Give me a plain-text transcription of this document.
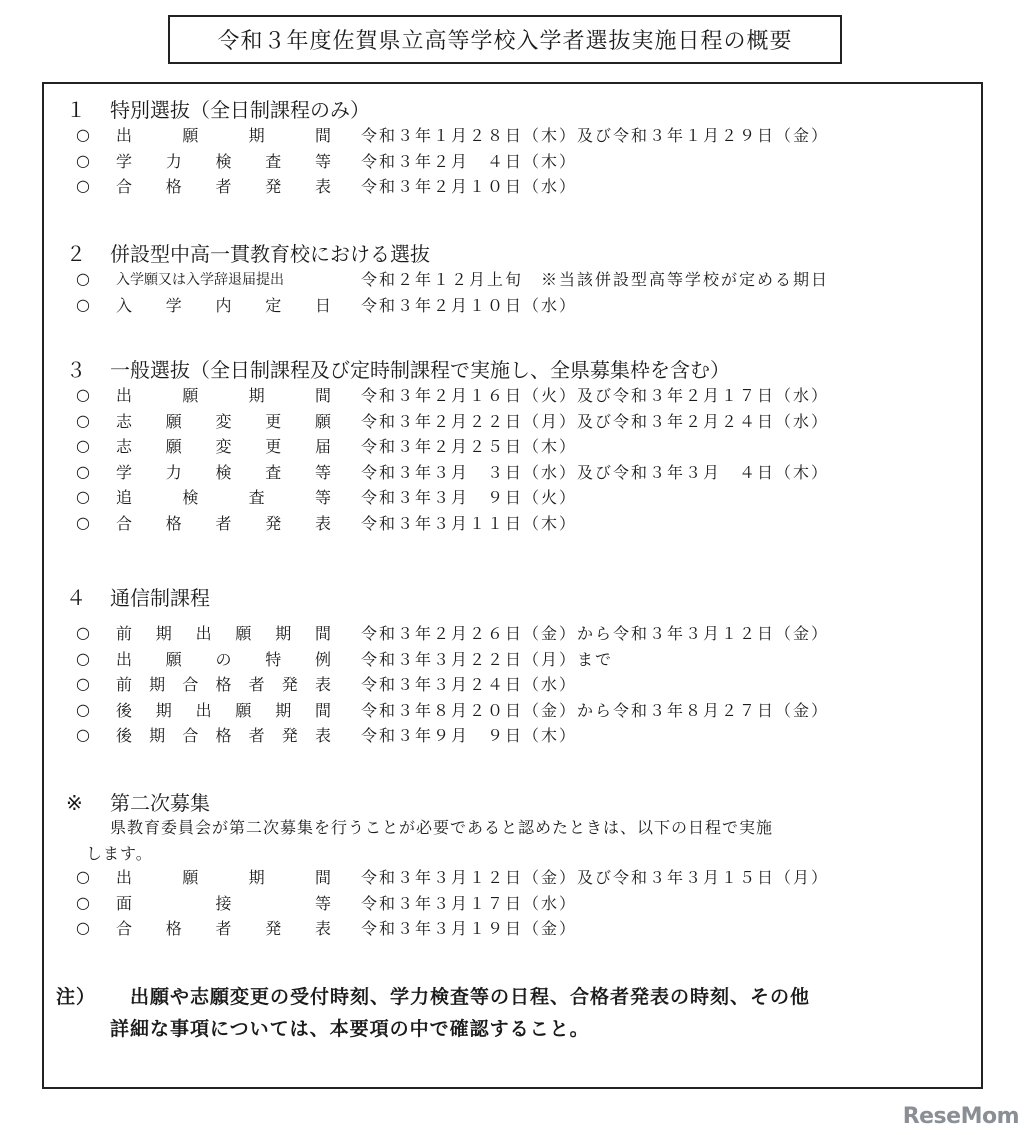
令和３年度佐賀県立高等学校入学者選抜実施日程の概要
１ 特別選抜（全日制課程のみ）
○	出	願	期	間 令和３年１月２８日（木）及び令和３年１月２９日（金）
○	学 力 検 査 等 令和３年２月　４日（木）
○	合 格 者 発 表 令和３年２月１０日（水）
２ 併設型中高一貫教育校における選抜
○	入学願又は入学辞退届提出	令和２年１２月上旬　※当該併設型高等学校が定める期日
○	入 学 内 定 日 令和３年２月１０日（水）
３ 一般選抜（全日制課程及び定時制課程で実施し、全県募集枠を含む）
○	出	願	期	間 令和３年２月１６日（火）及び令和３年２月１７日（水）
○	志 願 変 更 願 令和３年２月２２日（月）及び令和３年２月２４日（水）
○	志 願 変 更 届 令和３年２月２５日（木）
○	学 力 検 査 等 令和３年３月　３日（水）及び令和３年３月　４日（木）
○	追	検	査	等 令和３年３月　９日（火）
○	合 格 者 発 表 令和３年３月１１日（木）
４ 通信制課程
○	前 期 出 願 期 間 令和３年２月２６日（金）から令和３年３月１２日（金）
○	出 願 の 特 例 令和３年３月２２日（月）まで
○	前 期 合 格 者 発 表 令和３年３月２４日（水）
○	後 期 出 願 期 間 令和３年８月２０日（金）から令和３年８月２７日（金）
○	後 期 合 格 者 発 表 令和３年９月　９日（木）
※ 第二次募集
県教育委員会が第二次募集を行うことが必要であると認めたときは、以下の日程で実施
します。
○	出	願	期	間 令和３年３月１２日（金）及び令和３年３月１５日（月）
○	面	接	等 令和３年３月１７日（水）
○	合 格 者 発 表 令和３年３月１９日（金）
注） 出願や志願変更の受付時刻、学力検査等の日程、合格者発表の時刻、その他
詳細な事項については、本要項の中で確認すること。
ReseMom
